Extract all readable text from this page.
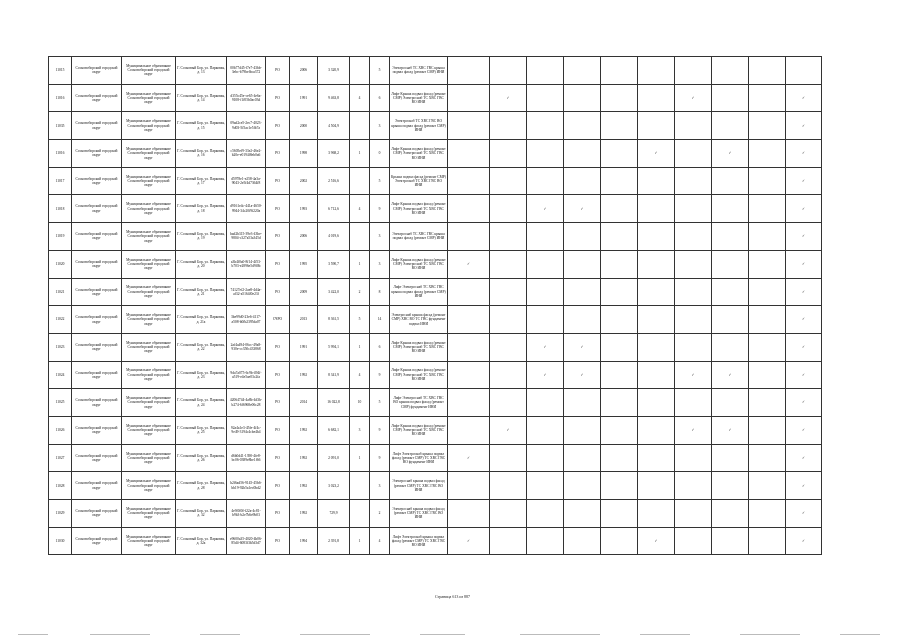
11015	Сосновоборский городской округ	Муниципальное образование Сосновоборский городской округ	Г. Сосновый Бор, ул. Парковая, д. 13	00b77d45-f7e7-43bb-3ebc-b79befbca372	РО	2006	3 320,9		5	Электроснаб ТС ХВС ГВС крыша подвал фасад (ремонт СМР) ИНИ										
11016	Сосновоборский городской округ	Муниципальное образование Сосновоборский городской округ	Г. Сосновый Бор, ул. Парковая, д. 14	d355c45e-ce65-4e6a-9108-f1f05b0ac03d	РО	1991	9 463,8	4	6	Лифт Крыша подвал фасад (ремонт СМР) Электроснаб ТС ХВС ГВС ВО ИНИ		✓					✓			✓
11035	Сосновоборский городской округ	Муниципальное образование Сосновоборский городской округ	Г. Сосновый Бор, ул. Парковая, д. 15	09ad2ce5-2ec7-4023-9d03-5f5ac1e5fb7a	РО	2000	4 504,9		3	Электроснаб ТС ХВС ГВС ВО крыша подвал фасад (ремонт СМР) ИНИ										✓
11016	Сосновоборский городской округ	Муниципальное образование Сосновоборский городской округ	Г. Сосновый Бор, ул. Парковая, д. 16	c5605ef9-33e2-46e2-b20e-e0194f8eb0a6	РО	1998	3 968,2	1	0	Лифт Крыша подвал фасад (ремонт СМР) Электроснаб ТС ХВС ГВС ВО ИНИ						✓		✓		✓
11017	Сосновоборский городской округ	Муниципальное образование Сосновоборский городской округ	Г. Сосновый Бор, ул. Парковая, д. 17	d5978e1-e258-4a3a-9043-2e5f4d7364f8	РО	2002	2 516,6		5	Крыша подвал фасад (ремонт СМР) Электроснаб ТС ХВС ГВС ВО ИНИ										✓
11018	Сосновоборский городской округ	Муниципальное образование Сосновоборский городской округ	Г. Сосновый Бор, ул. Парковая, д. 18	d9161e4c-441a-4650-9944-34c20f9f220a	РО	1993	6 712,6	4	9	Лифт Крыша подвал фасад (ремонт СМР) Электроснаб ТС ХВС ГВС ВО ИНИ			✓	✓						✓
11019	Сосновоборский городской округ	Муниципальное образование Сосновоборский городской округ	Г. Сосновый Бор, ул. Парковая, д. 19	bad2b315-39e3-43be-9804-c327a53a345d	РО	2006	4 019,6		3	Электроснаб ТС ХВС ГВС крыша подвал фасад (ремонт СМР) ИНИ										✓
11020	Сосновоборский городской округ	Муниципальное образование Сосновоборский городской округ	Г. Сосновый Бор, ул. Парковая, д. 20	a3b4f0a0-8f14-4f53-b703-e2896e5d9f0b	РО	1995	3 590,7	1	3	Лифт Крыша подвал фасад (ремонт СМР) Электроснаб ТС ХВС ГВС ВО ИНИ	✓									✓
11021	Сосновоборский городской округ	Муниципальное образование Сосновоборский городской округ	Г. Сосновый Бор, ул. Парковая, д. 21	74127ef2-2ae8-4d4a-af32-a5164f0e23f	РО	2009	3 422,0	2	8	Лифт Электроснаб ТС ХВС ГВС крыша подвал фасад (ремонт СМР) ИНИ										✓
11022	Сосновоборский городской округ	Муниципальное образование Сосновоборский городской округ	Г. Сосновый Бор, ул. Парковая, д. 21а	3be99d0-23e6-4117-a508-b0fb2395da07	СЧРО	2013	8 361,5	5	14	Электроснаб крыша фасад (ремонт СМР) ХВС ВО ТС ГВС фундамент подвал ИНИ										✓
11023	Сосновоборский городской округ	Муниципальное образование Сосновоборский городской округ	Г. Сосновый Бор, ул. Парковая, д. 22	2af4a494-06cc-49a8-930e-cc350c433868	РО	1991	5 994,1	1	6	Лифт Крыша подвал фасад (ремонт СМР) Электроснаб ТС ХВС ГВС ВО ИНИ			✓	✓						✓
11024	Сосновоборский городской округ	Муниципальное образование Сосновоборский городской округ	Г. Сосновый Бор, ул. Парковая, д. 23	9da7a075-6c9b-494f-a519-e4e5ae03c2fa	РО	1992	8 341,9	4	9	Лифт Крыша подвал фасад (ремонт СМР) Электроснаб ТС ХВС ГВС ВО ИНИ			✓	✓			✓	✓		✓
11025	Сосновоборский городской округ	Муниципальное образование Сосновоборский городской округ	Г. Сосновый Бор, ул. Парковая, д. 24	42064744-4a8b-4d3b-b274-6f6968e06c28	РО	2014	16 022,8	10	5	Лифт Электроснаб ТС ХВС ГВС ВО крыша подвал фасад (ремонт СМР) фундамент ИНИ										✓
11026	Сосновоборский городской округ	Муниципальное образование Сосновоборский городской округ	Г. Сосновый Бор, ул. Парковая, д. 25	92a4a1e3-45fe-4f4c-9e49-3194c4cbe4b4	РО	1992	6 682,1	3	9	Лифт Крыша подвал фасад (ремонт СМР) Электроснаб ТС ХВС ГВС ВО ИНИ		✓					✓	✓		✓
11027	Сосновоборский городской округ	Муниципальное образование Сосновоборский городской округ	Г. Сосновый Бор, ул. Парковая, д. 26	d6b0d41-1390-4fe8-bc06-0389e8be1f66	РО	1992	2 091,0	1	9	Лифт Электроснаб крыша подвал фасад (ремонт СМР) ТС ХВС ГВС ВО фундамент ИНИ	✓									✓
11028	Сосновоборский городской округ	Муниципальное образование Сосновоборский городской округ	Г. Сосновый Бор, ул. Парковая, д. 28	b2f6ad56-9145-45b6-bb19-92b5a1ec0bd2	РО	1992	3 023,2		3	Электроснаб крыша подвал фасад (ремонт СМР) ТС ХВС ГВС ВО ИНИ										✓
11029	Сосновоборский городской округ	Муниципальное образование Сосновоборский городской округ	Г. Сосновый Бор, ул. Парковая, д. 32	4e9f0f0f-f22a-4c81-b9b3-b2e7b6e9b03	РО	1992	729,9		2	Электроснаб крыша подвал фасад (ремонт СМР) ТС ХВС ГВС ВО ИНИ										✓
11030	Сосновоборский городской округ	Муниципальное образование Сосновоборский городской округ	Г. Сосновый Бор, ул. Парковая, д. 32а	e9600a35-4020-4b06-85d4-6083f3b5d3d7	РО	1994	2 391,8	1	4	Лифт Электроснаб крыша подвал фасад (ремонт СМР) ТС ХВС ГВС ВО ИНИ	✓					✓				✓
Страница 613 из 887
